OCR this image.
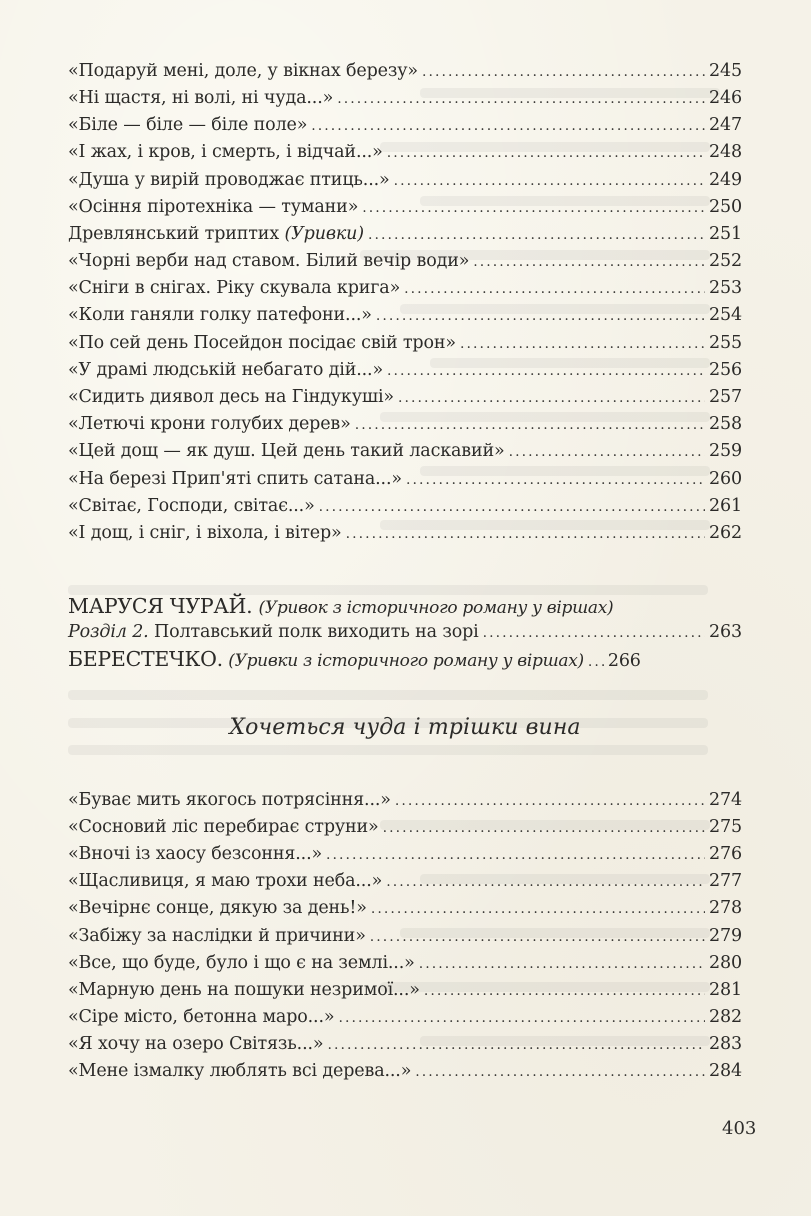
«Подаруй мені, доле, у вікнах березу» . . .	245
«Ні щастя, ні волі, ні чуда...» . . .	246
«Біле — біле — біле поле» . . .	247
«І жах, і кров, і смерть, і відчай...» . . .	248
«Душа у вирій проводжає птиць...» . . .	249
«Осіння піротехніка — тумани» . . .	250
Древлянський триптих (Уривки) . . .	251
«Чорні верби над ставом. Білий вечір води» . . .	252
«Сніги в снігах. Ріку скувала крига» . . .	253
«Коли ганяли голку патефони...» . . .	254
«По сей день Посейдон посідає свій трон» . . .	255
«У драмі людській небагато дій...» . . .	256
«Сидить диявол десь на Гіндукуші» . . .	257
«Летючі крони голубих дерев» . . .	258
«Цей дощ — як душ. Цей день такий ласкавий» . . .	259
«На березі Прип'яті спить сатана...» . . .	260
«Світає, Господи, світає...» . . .	261
«І дощ, і сніг, і віхола, і вітер» . . .	262
МАРУСЯ ЧУРАЙ. (Уривок з історичного роману у віршах)
Розділ 2. Полтавський полк виходить на зорі . . .	263
БЕРЕСТЕЧКО. (Уривки з історичного роману у віршах) . . . 266
Хочеться чуда і трішки вина
«Буває мить якогось потрясіння...» . . .	274
«Сосновий ліс перебирає струни» . . .	275
«Вночі із хаосу безсоння...» . . .	276
«Щасливиця, я маю трохи неба...» . . .	277
«Вечірнє сонце, дякую за день!» . . .	278
«Забіжу за наслідки й причини» . . .	279
«Все, що буде, було і що є на землі...» . . .	280
«Марную день на пошуки незримої...» . . .	281
«Сіре місто, бетонна маро...» . . .	282
«Я хочу на озеро Світязь...» . . .	283
«Мене ізмалку люблять всі дерева...» . . .	284
403
